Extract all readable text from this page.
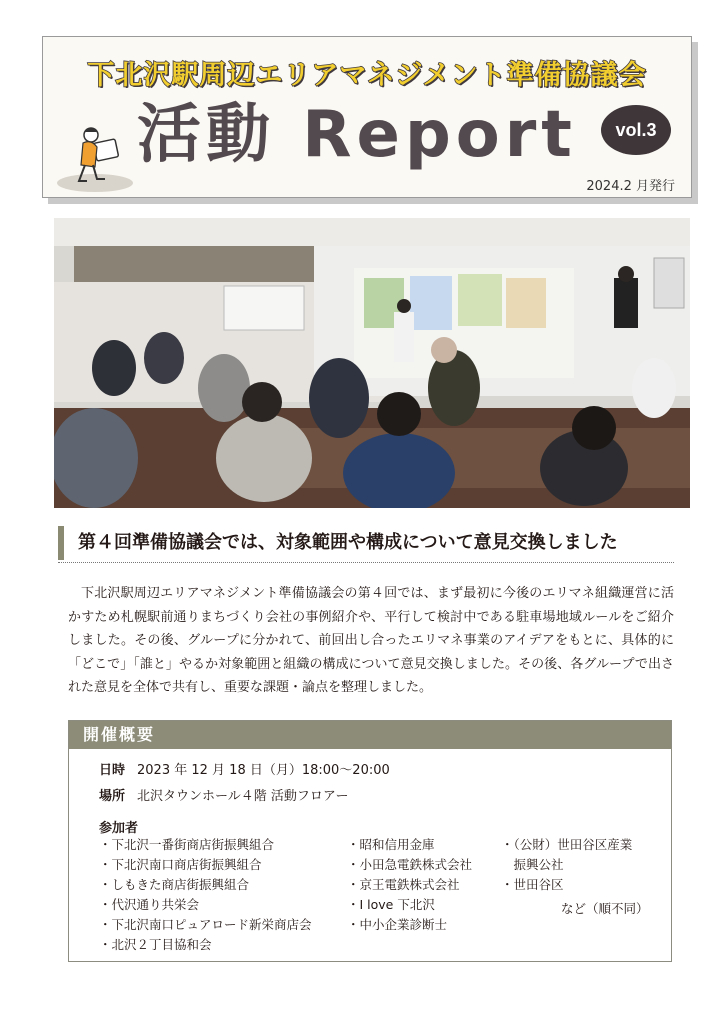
下北沢駅周辺エリアマネジメント準備協議会
活動 Report	vol.3
2024.2 月発行
第４回準備協議会では、対象範囲や構成について意見交換しました

下北沢駅周辺エリアマネジメント準備協議会の第４回では、まず最初に今後のエリマネ組織運営に活かすため札幌駅前通りまちづくり会社の事例紹介や、平行して検討中である駐車場地域ルールをご紹介しました。その後、グループに分かれて、前回出し合ったエリマネ事業のアイデアをもとに、具体的に「どこで」「誰と」やるか対象範囲と組織の構成について意見交換しました。その後、各グループで出された意見を全体で共有し、重要な課題・論点を整理しました。

開催概要
日時 2023 年 12 月 18 日（月）18:00〜20:00
場所 北沢タウンホール４階 活動フロアー
参加者
・下北沢一番街商店街振興組合
・下北沢南口商店街振興組合
・しもきた商店街振興組合
・代沢通り共栄会
・下北沢南口ピュアロード新栄商店会
・北沢２丁目協和会
・昭和信用金庫
・小田急電鉄株式会社
・京王電鉄株式会社
・I love 下北沢
・中小企業診断士
・（公財）世田谷区産業
　振興公社
・世田谷区
など（順不同）
